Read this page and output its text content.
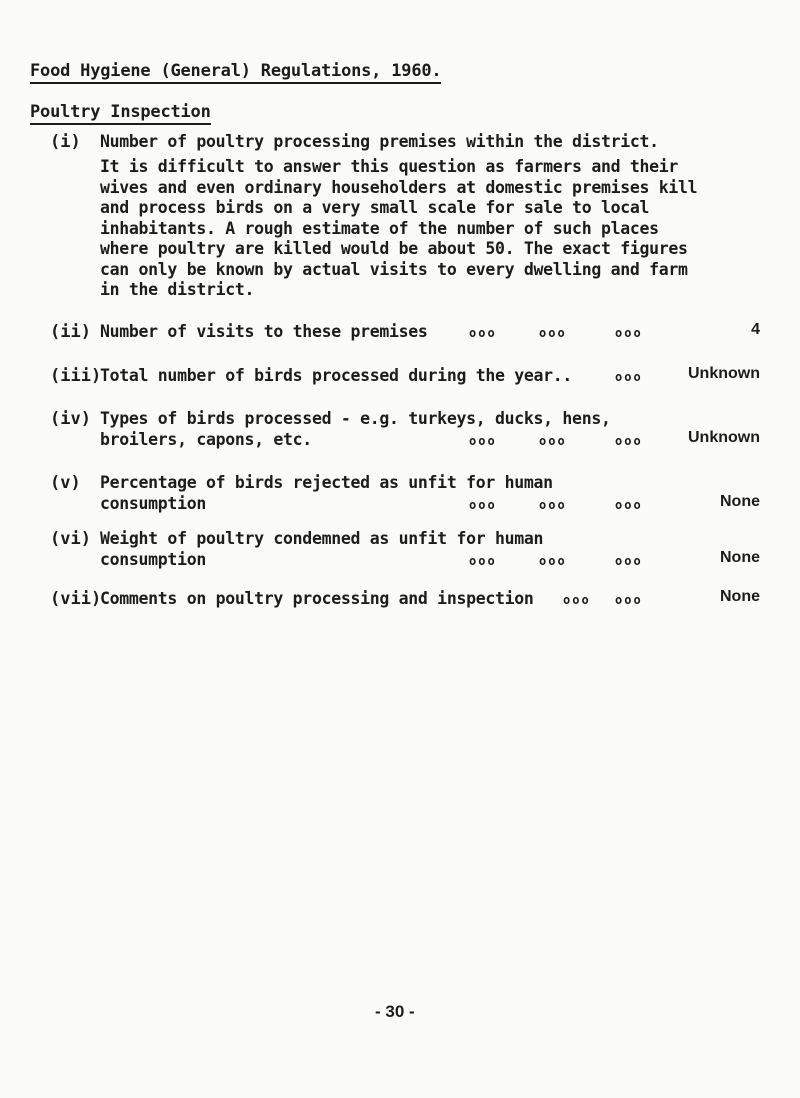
Food Hygiene (General) Regulations, 1960.
Poultry Inspection
(i) Number of poultry processing premises within the district.
It is difficult to answer this question as farmers and their
wives and even ordinary householders at domestic premises kill
and process birds on a very small scale for sale to local
inhabitants. A rough estimate of the number of such places
where poultry are killed would be about 50. The exact figures
can only be known by actual visits to every dwelling and farm
in the district.
(ii) Number of visits to these premises	ooo	ooo	ooo	4
(iii)
Total number of birds processed during the year..	ooo	Unknown
(iv) Types of birds processed - e.g. turkeys, ducks, hens,
broilers, capons, etc.	ooo	ooo	ooo	Unknown
(v) Percentage of birds rejected as unfit for human
consumption	ooo	ooo	ooo	None
(vi) Weight of poultry condemned as unfit for human
consumption	ooo	ooo	ooo	None
(vii)
Comments on poultry processing and inspection ooo ooo	None
- 30 -
